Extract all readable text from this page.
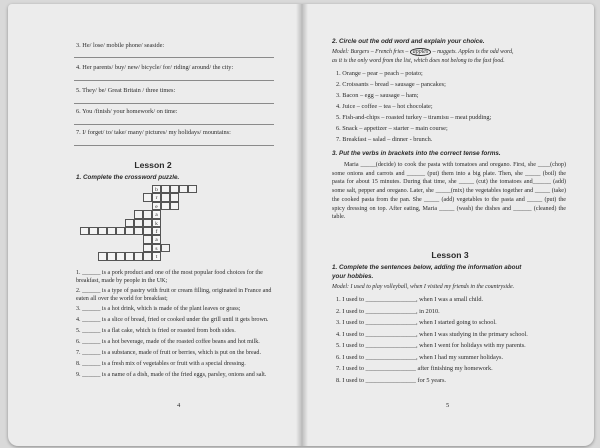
3. He/ lose/ mobile phone/ seaside:
4. Her parents/ buy/ new/ bicycle/ for/ riding/ around/ the city:
5. They/ be/ Great Britain / three times:
6. You /finish/ your homework/ on time:
7. I/ forget/ to/ take/ many/ pictures/ my holidays/ mountains:
Lesson 2
1. Complete the crossword puzzle.
b
r
e
a
k
f
a
s
t
1. ______ is a pork product and one of the most popular food choices for the breakfast, made by people in the UK;
2. ______ is a type of pastry with fruit or cream filling, originated in France and eaten all over the world for breakfast;
3. ______ is a hot drink, which is made of the plant leaves or grass;
4. ______ is a slice of bread, fried or cooked under the grill until it gets brown.
5. ______ is a flat cake, which is fried or roasted from both sides.
6. ______ is a hot beverage, made of the roasted coffee beans and hot milk.
7. ______ is a substance, made of fruit or berries, which is put on the bread.
8. ______ is a fresh mix of vegetables or fruit with a special dressing.
9. ______ is a name of a dish, made of the fried eggs, parsley, onions and salt.
4
2. Circle out the odd word and explain your choice.
Model: Burgers – French fries – apples – nuggets. Apples is the odd word,
as it is the only word from the list, which does not belong to the fast food.
1. Orange – pear – peach – potato;
2. Croissants – bread – sausage – pancakes;
3. Bacon – egg – sausage – ham;
4. Juice – coffee – tea – hot chocolate;
5. Fish-and-chips – roasted turkey – tiramisu – meat pudding;
6. Snack – appetizer – starter – main course;
7. Breakfast – salad – dinner - brunch.
3. Put the verbs in brackets into the correct tense forms.
Maria _____(decide) to cook the pasta with tomatoes and oregano. First, she ____(chop) some onions and carrots and ______ (put) them into a big plate. Then, she _____ (boil) the pasta for about 15 minutes. During that time, she _____ (cut) the tomatoes and______ (add) some salt, pepper and oregano. Later, she _____(mix) the vegetables together and _____ (take) the cooked pasta from the pan. She _____ (add) vegetables to the pasta and _____ (put) the spicy dressing on top. After eating, Maria _____ (wash) the dishes and ______ (cleaned) the table.
Lesson 3
1. Complete the sentences below, adding the information about
your hobbies.
Model: I used to play volleyball, when I visited my friends in the countryside.
1. I used to ________________, when I was a small child.
2. I used to ________________, in 2010.
3. I used to ________________, when I started going to school.
4. I used to ________________, when I was studying in the primary school.
5. I used to ________________, when I went for holidays with my parents.
6. I used to ________________, when I had my summer holidays.
7. I used to ________________ after finishing my homework.
8. I used to ________________ for 5 years.
5
